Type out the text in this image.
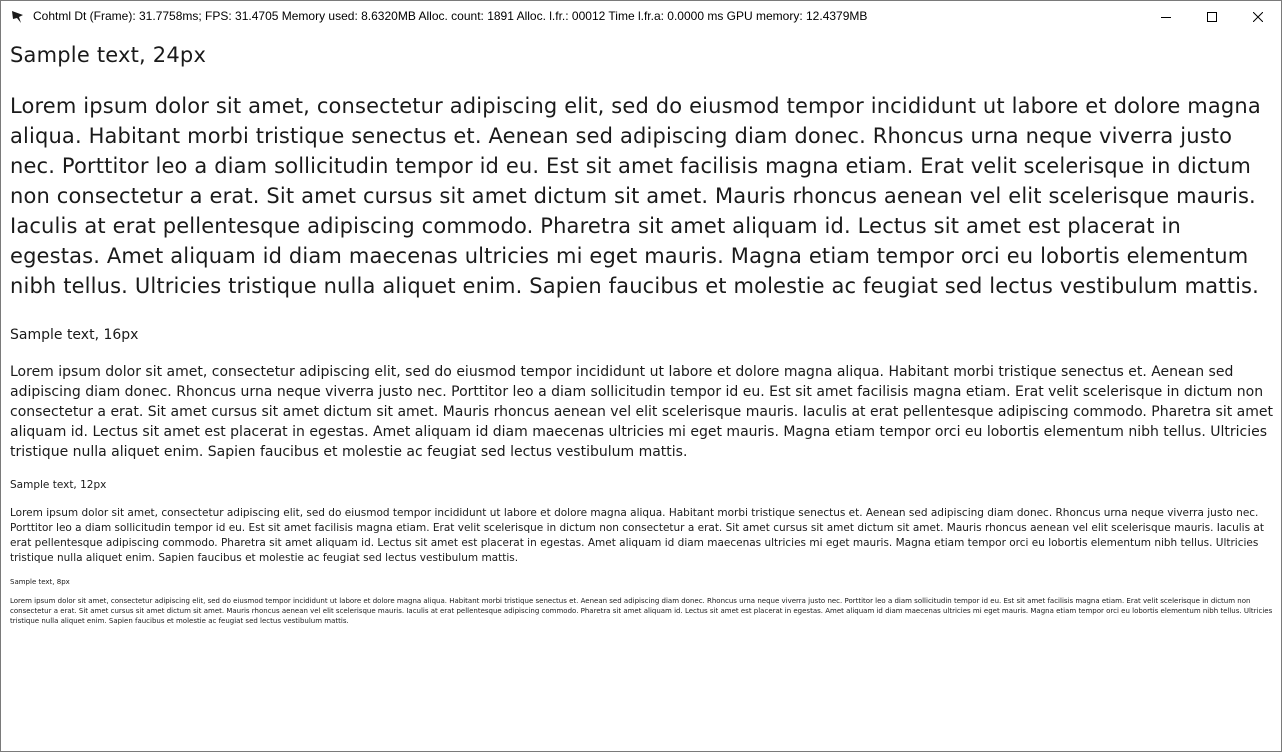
Cohtml Dt (Frame): 31.7758ms; FPS: 31.4705 Memory used: 8.6320MB Alloc. count: 1891 Alloc. l.fr.: 00012 Time l.fr.a: 0.0000 ms GPU memory: 12.4379MB
Sample text, 24px
Lorem ipsum dolor sit amet, consectetur adipiscing elit, sed do eiusmod tempor incididunt ut labore et dolore magna aliqua. Habitant morbi tristique senectus et. Aenean sed adipiscing diam donec. Rhoncus urna neque viverra justo nec. Porttitor leo a diam sollicitudin tempor id eu. Est sit amet facilisis magna etiam. Erat velit scelerisque in dictum non consectetur a erat. Sit amet cursus sit amet dictum sit amet. Mauris rhoncus aenean vel elit scelerisque mauris. Iaculis at erat pellentesque adipiscing commodo. Pharetra sit amet aliquam id. Lectus sit amet est placerat in egestas. Amet aliquam id diam maecenas ultricies mi eget mauris. Magna etiam tempor orci eu lobortis elementum nibh tellus. Ultricies tristique nulla aliquet enim. Sapien faucibus et molestie ac feugiat sed lectus vestibulum mattis.
Sample text, 16px
Lorem ipsum dolor sit amet, consectetur adipiscing elit, sed do eiusmod tempor incididunt ut labore et dolore magna aliqua. Habitant morbi tristique senectus et. Aenean sed adipiscing diam donec. Rhoncus urna neque viverra justo nec. Porttitor leo a diam sollicitudin tempor id eu. Est sit amet facilisis magna etiam. Erat velit scelerisque in dictum non consectetur a erat. Sit amet cursus sit amet dictum sit amet. Mauris rhoncus aenean vel elit scelerisque mauris. Iaculis at erat pellentesque adipiscing commodo. Pharetra sit amet aliquam id. Lectus sit amet est placerat in egestas. Amet aliquam id diam maecenas ultricies mi eget mauris. Magna etiam tempor orci eu lobortis elementum nibh tellus. Ultricies tristique nulla aliquet enim. Sapien faucibus et molestie ac feugiat sed lectus vestibulum mattis.
Sample text, 12px
Lorem ipsum dolor sit amet, consectetur adipiscing elit, sed do eiusmod tempor incididunt ut labore et dolore magna aliqua. Habitant morbi tristique senectus et. Aenean sed adipiscing diam donec. Rhoncus urna neque viverra justo nec. Porttitor leo a diam sollicitudin tempor id eu. Est sit amet facilisis magna etiam. Erat velit scelerisque in dictum non consectetur a erat. Sit amet cursus sit amet dictum sit amet. Mauris rhoncus aenean vel elit scelerisque mauris. Iaculis at erat pellentesque adipiscing commodo. Pharetra sit amet aliquam id. Lectus sit amet est placerat in egestas. Amet aliquam id diam maecenas ultricies mi eget mauris. Magna etiam tempor orci eu lobortis elementum nibh tellus. Ultricies tristique nulla aliquet enim. Sapien faucibus et molestie ac feugiat sed lectus vestibulum mattis.
Sample text, 8px
Lorem ipsum dolor sit amet, consectetur adipiscing elit, sed do eiusmod tempor incididunt ut labore et dolore magna aliqua. Habitant morbi tristique senectus et. Aenean sed adipiscing diam donec. Rhoncus urna neque viverra justo nec. Porttitor leo a diam sollicitudin tempor id eu. Est sit amet facilisis magna etiam. Erat velit scelerisque in dictum non consectetur a erat. Sit amet cursus sit amet dictum sit amet. Mauris rhoncus aenean vel elit scelerisque mauris. Iaculis at erat pellentesque adipiscing commodo. Pharetra sit amet aliquam id. Lectus sit amet est placerat in egestas. Amet aliquam id diam maecenas ultricies mi eget mauris. Magna etiam tempor orci eu lobortis elementum nibh tellus. Ultricies tristique nulla aliquet enim. Sapien faucibus et molestie ac feugiat sed lectus vestibulum mattis.
